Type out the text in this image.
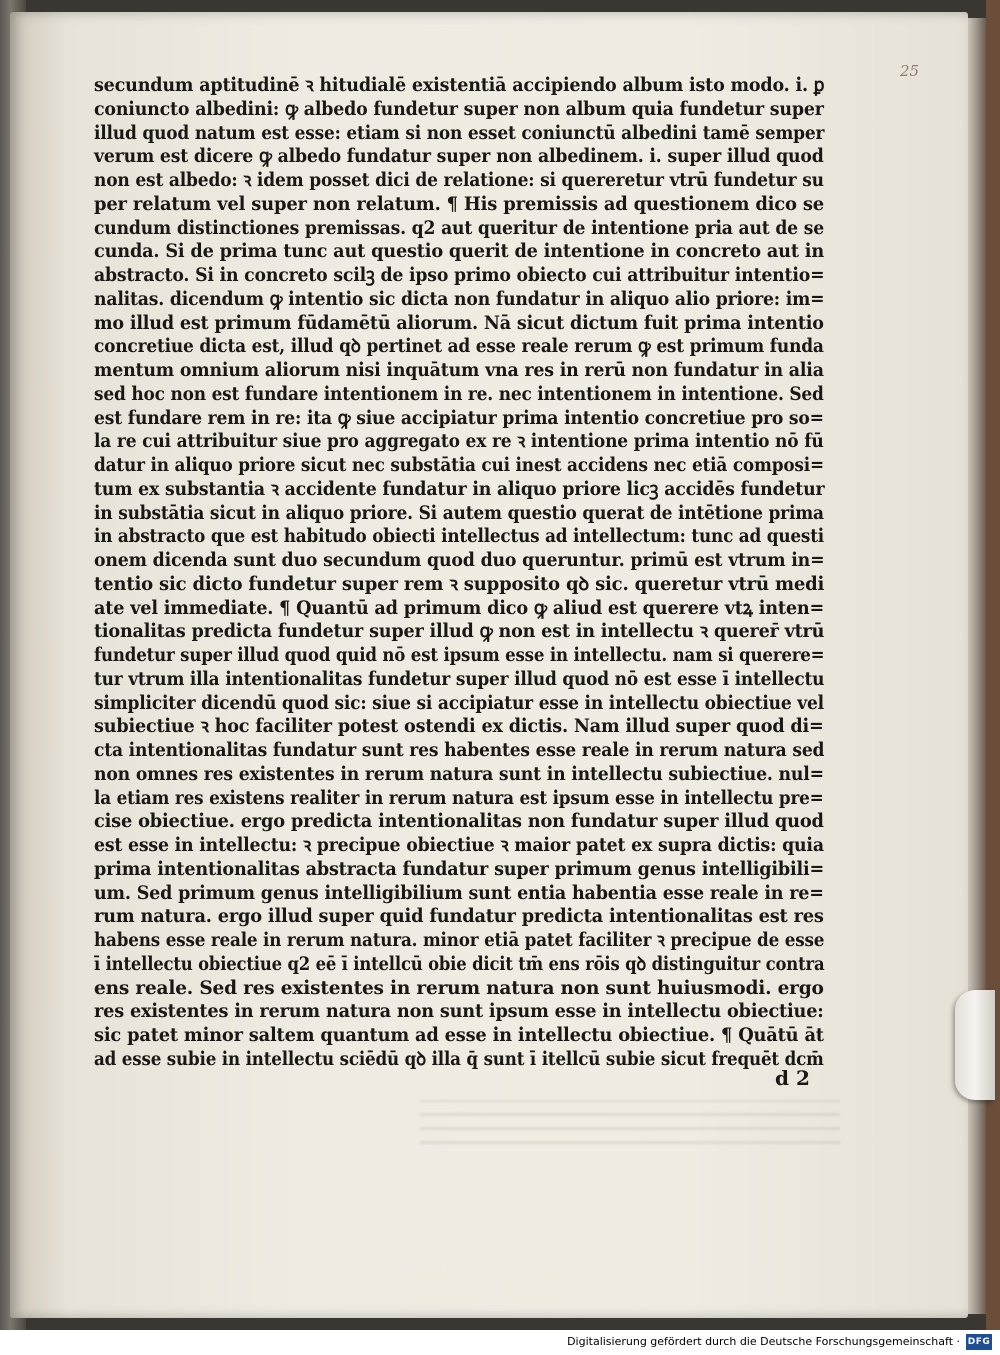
25
secundum aptitudinē ꝛ hitudialē existentiā accipiendo album isto modo. i. ꝑ
coniuncto albedini: ꝙ albedo fundetur super non album quia fundetur super
illud quod natum est esse: etiam si non esset coniunctū albedini tamē semper
verum est dicere ꝙ albedo fundatur super non albedinem. i. super illud quod
non est albedo: ꝛ idem posset dici de relatione: si quereretur vtrū fundetur su
per relatum vel super non relatum. ¶ His premissis ad questionem dico se
cundum distinctiones premissas. q2 aut queritur de intentione pria aut de se
cunda. Si de prima tunc aut questio querit de intentione in concreto aut in
abstracto. Si in concreto scilꝫ de ipso primo obiecto cui attribuitur intentio=
nalitas. dicendum ꝙ intentio sic dicta non fundatur in aliquo alio priore: im=
mo illud est primum fūdamētū aliorum. Nā sicut dictum fuit prima intentio
concretiue dicta est, illud qꝺ pertinet ad esse reale rerum ꝙ est primum funda
mentum omnium aliorum nisi inquātum vna res in rerū non fundatur in alia
sed hoc non est fundare intentionem in re. nec intentionem in intentione. Sed
est fundare rem in re: ita ꝙ siue accipiatur prima intentio concretiue pro so=
la re cui attribuitur siue pro aggregato ex re ꝛ intentione prima intentio nō fū
datur in aliquo priore sicut nec substātia cui inest accidens nec etiā composi=
tum ex substantia ꝛ accidente fundatur in aliquo priore licꝫ accidēs fundetur
in substātia sicut in aliquo priore. Si autem questio querat de intētione prima
in abstracto que est habitudo obiecti intellectus ad intellectum: tunc ad questi
onem dicenda sunt duo secundum quod duo queruntur. primū est vtrum in=
tentio sic dicto fundetur super rem ꝛ supposito qꝺ sic. queretur vtrū medi
ate vel immediate. ¶ Quantū ad primum dico ꝙ aliud est querere vtꝝ inten=
tionalitas predicta fundetur super illud ꝙ non est in intellectu ꝛ querer̄ vtrū
fundetur super illud quod quid nō est ipsum esse in intellectu. nam si querere=
tur vtrum illa intentionalitas fundetur super illud quod nō est esse ī intellectu
simpliciter dicendū quod sic: siue si accipiatur esse in intellectu obiectiue vel
subiectiue ꝛ hoc faciliter potest ostendi ex dictis. Nam illud super quod di=
cta intentionalitas fundatur sunt res habentes esse reale in rerum natura sed
non omnes res existentes in rerum natura sunt in intellectu subiectiue. nul=
la etiam res existens realiter in rerum natura est ipsum esse in intellectu pre=
cise obiectiue. ergo predicta intentionalitas non fundatur super illud quod
est esse in intellectu: ꝛ precipue obiectiue ꝛ maior patet ex supra dictis: quia
prima intentionalitas abstracta fundatur super primum genus intelligibili=
um. Sed primum genus intelligibilium sunt entia habentia esse reale in re=
rum natura. ergo illud super quid fundatur predicta intentionalitas est res
habens esse reale in rerum natura. minor etiā patet faciliter ꝛ precipue de esse
ī intellectu obiectiue q2 eē ī intellcū obie dicit tm̄ ens rōis qꝺ distinguitur contra
ens reale. Sed res existentes in rerum natura non sunt huiusmodi. ergo
res existentes in rerum natura non sunt ipsum esse in intellectu obiectiue:
sic patet minor saltem quantum ad esse in intellectu obiectiue. ¶ Quātū āt
ad esse subie in intellectu sciēdū qꝺ illa q̄ sunt ī itellcū subie sicut frequēt dcm̄
d 2
Digitalisierung gefördert durch die Deutsche Forschungsgemeinschaft · DFG
